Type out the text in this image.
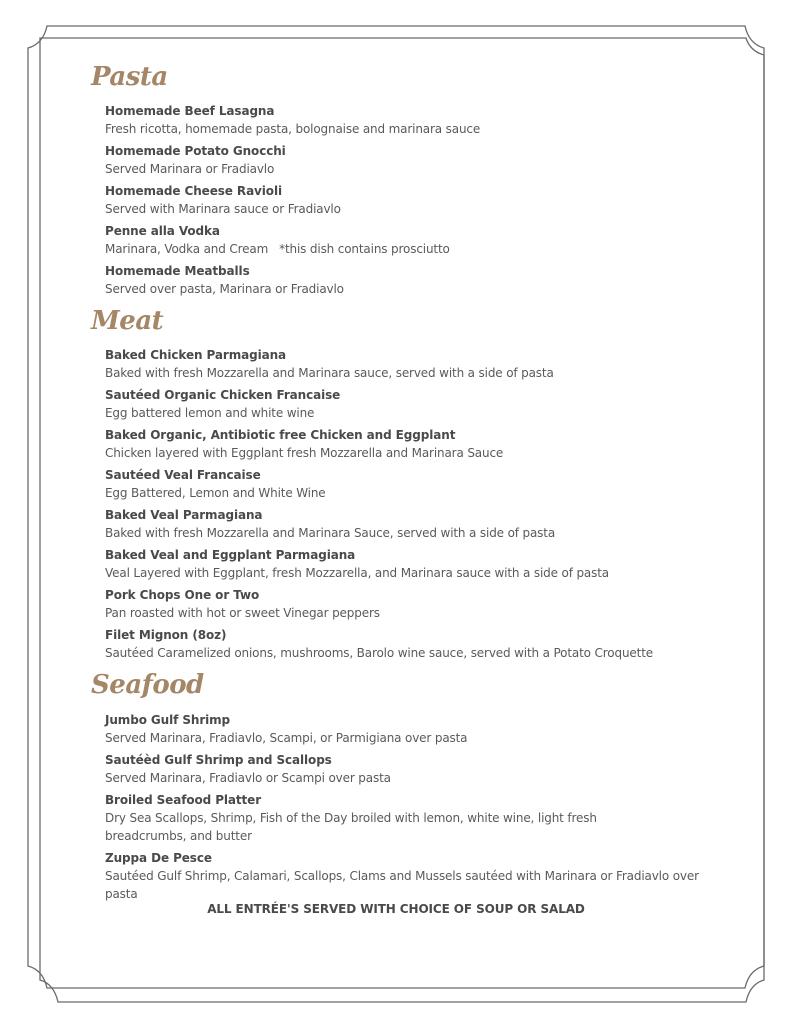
Pasta
Homemade Beef Lasagna
Fresh ricotta, homemade pasta, bolognaise and marinara sauce
Homemade Potato Gnocchi
Served Marinara or Fradiavlo
Homemade Cheese Ravioli
Served with Marinara sauce or Fradiavlo
Penne alla Vodka
Marinara, Vodka and Cream   *this dish contains prosciutto
Homemade Meatballs
Served over pasta, Marinara or Fradiavlo
Meat
Baked Chicken Parmagiana
Baked with fresh Mozzarella and Marinara sauce, served with a side of pasta
Sautéed Organic Chicken Francaise
Egg battered lemon and white wine
Baked Organic, Antibiotic free Chicken and Eggplant
Chicken layered with Eggplant fresh Mozzarella and Marinara Sauce
Sautéed Veal Francaise
Egg Battered, Lemon and White Wine
Baked Veal Parmagiana
Baked with fresh Mozzarella and Marinara Sauce, served with a side of pasta
Baked Veal and Eggplant Parmagiana
Veal Layered with Eggplant, fresh Mozzarella, and Marinara sauce with a side of pasta
Pork Chops One or Two
Pan roasted with hot or sweet Vinegar peppers
Filet Mignon (8oz)
Sautéed Caramelized onions, mushrooms, Barolo wine sauce, served with a Potato Croquette
Seafood
Jumbo Gulf Shrimp
Served Marinara, Fradiavlo, Scampi, or Parmigiana over pasta
Sautéèd Gulf Shrimp and Scallops
Served Marinara, Fradiavlo or Scampi over pasta
Broiled Seafood Platter
Dry Sea Scallops, Shrimp, Fish of the Day broiled with lemon, white wine, light fresh breadcrumbs, and butter
Zuppa De Pesce
Sautéed Gulf Shrimp, Calamari, Scallops, Clams and Mussels sautéed with Marinara or Fradiavlo over pasta
ALL ENTRÉE'S SERVED WITH CHOICE OF SOUP OR SALAD
